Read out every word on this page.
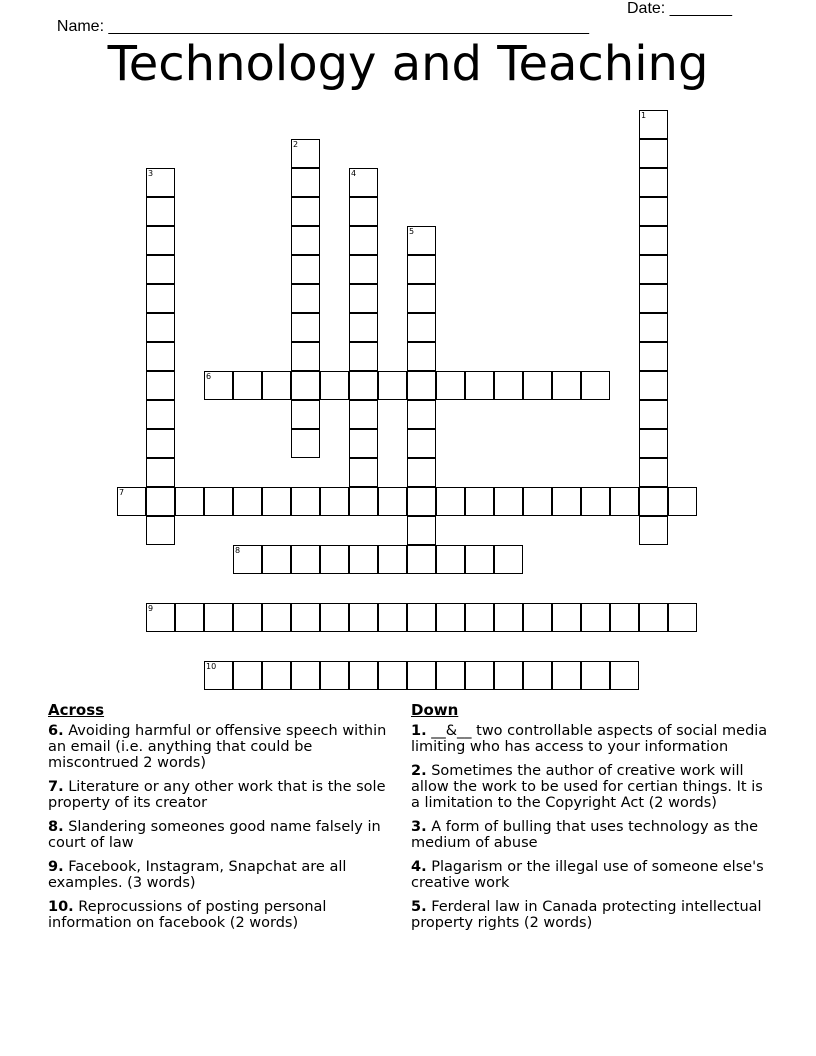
Name: ______________________________________________________

Date: _______

Technology and Teaching
1
2
3	4
5
6
7
8
9
10
Across
6. Avoiding harmful or offensive speech within an email (i.e. anything that could be miscontrued 2 words)
7. Literature or any other work that is the sole property of its creator
8. Slandering someones good name falsely in court of law
9. Facebook, Instagram, Snapchat are all examples. (3 words)
10. Reprocussions of posting personal information on facebook (2 words)
Down
1. __&__ two controllable aspects of social media limiting who has access to your information
2. Sometimes the author of creative work will allow the work to be used for certian things. It is a limitation to the Copyright Act (2 words)
3. A form of bulling that uses technology as the medium of abuse
4. Plagarism or the illegal use of someone else's creative work
5. Ferderal law in Canada protecting intellectual property rights (2 words)
